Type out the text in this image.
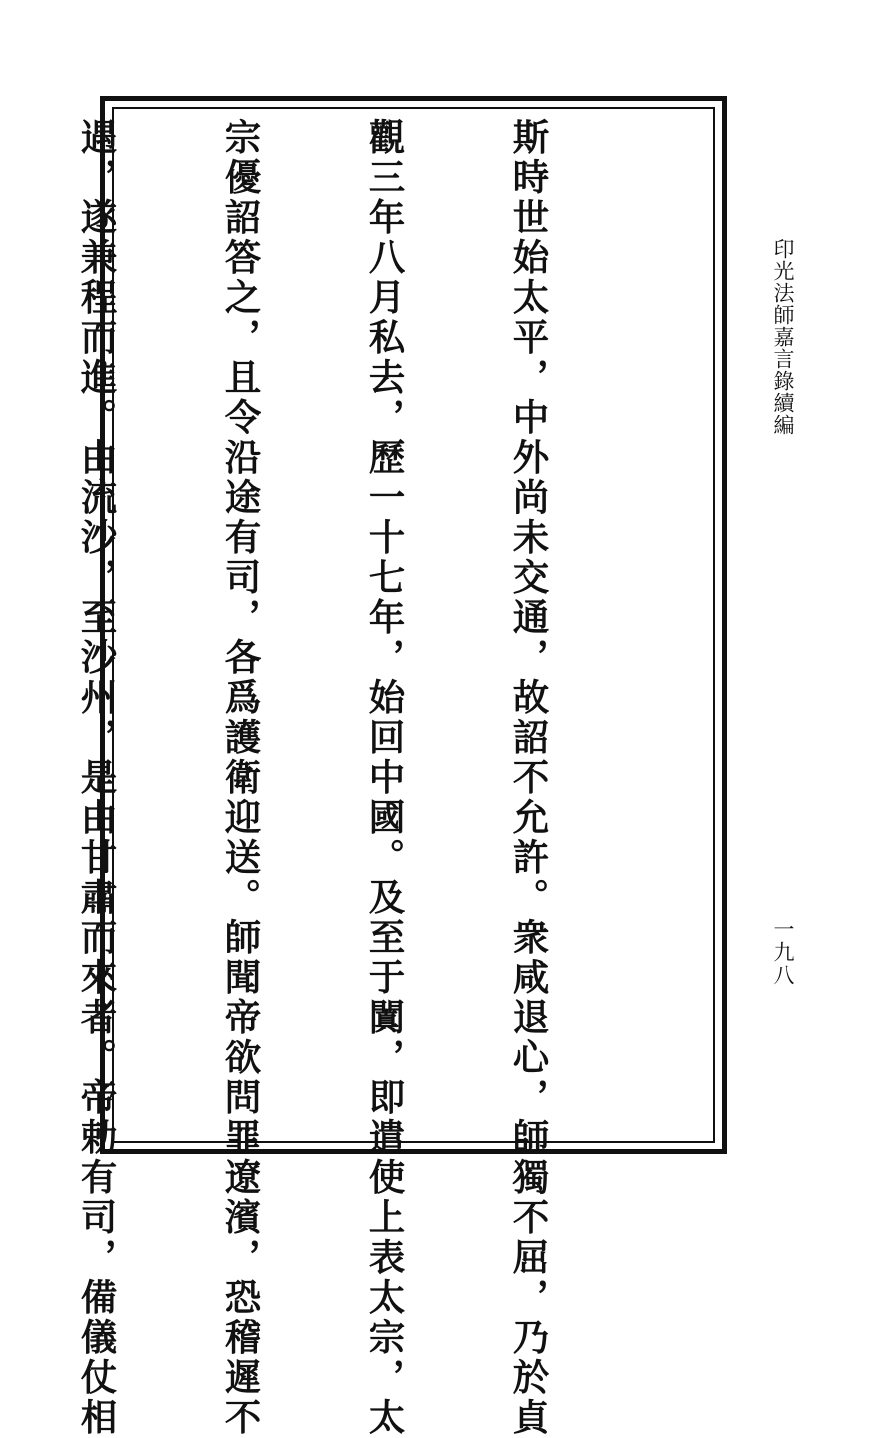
印光法師嘉言錄續編
一九八

斯時世始太平，中外尚未交通，故詔不允許。衆咸退心，師獨不屈，乃於貞

觀三年八月私去，歷一十七年，始回中國。及至于闐，即遣使上表太宗，太

宗優詔答之，且令沿途有司，各爲護衛迎送。師聞帝欲問罪遼濱，恐稽遲不

遇，遂兼程而進。由流沙，至沙州，是由甘肅而來者。帝勅有司，備儀仗相
